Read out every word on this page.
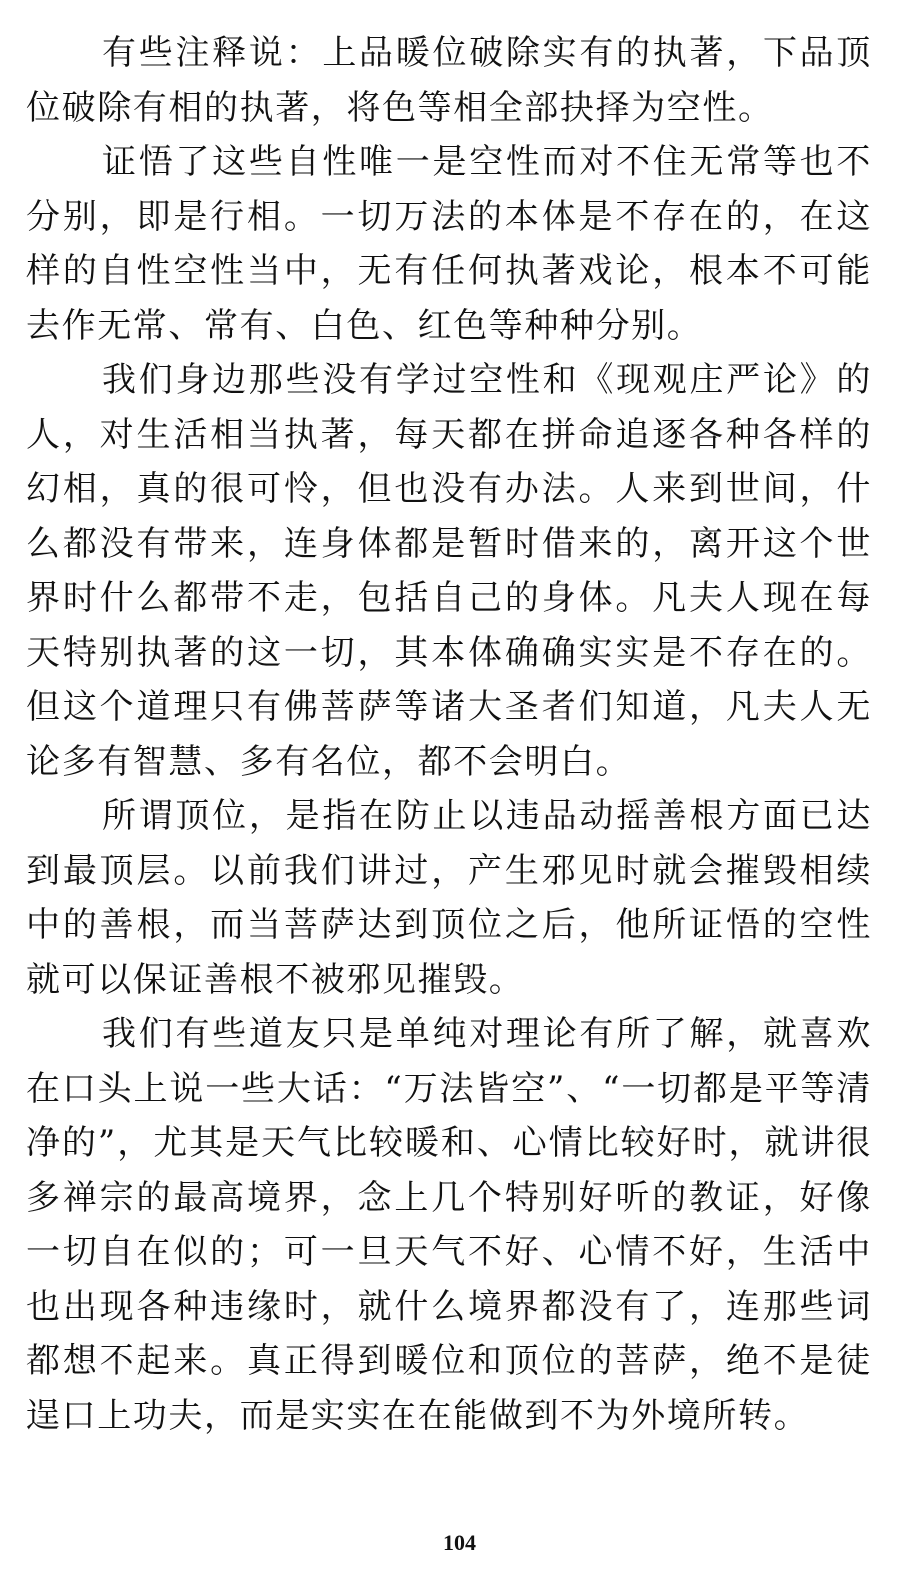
有些注释说：上品暖位破除实有的执著，下品顶位破除有相的执著，将色等相全部抉择为空性。

证悟了这些自性唯一是空性而对不住无常等也不分别，即是行相。一切万法的本体是不存在的，在这样的自性空性当中，无有任何执著戏论，根本不可能去作无常、常有、白色、红色等种种分别。

我们身边那些没有学过空性和《现观庄严论》的人，对生活相当执著，每天都在拼命追逐各种各样的幻相，真的很可怜，但也没有办法。人来到世间，什么都没有带来，连身体都是暂时借来的，离开这个世界时什么都带不走，包括自己的身体。凡夫人现在每天特别执著的这一切，其本体确确实实是不存在的。但这个道理只有佛菩萨等诸大圣者们知道，凡夫人无论多有智慧、多有名位，都不会明白。

所谓顶位，是指在防止以违品动摇善根方面已达到最顶层。以前我们讲过，产生邪见时就会摧毁相续中的善根，而当菩萨达到顶位之后，他所证悟的空性就可以保证善根不被邪见摧毁。

我们有些道友只是单纯对理论有所了解，就喜欢在口头上说一些大话：“万法皆空”、“一切都是平等清净的”，尤其是天气比较暖和、心情比较好时，就讲很多禅宗的最高境界，念上几个特别好听的教证，好像一切自在似的；可一旦天气不好、心情不好，生活中也出现各种违缘时，就什么境界都没有了，连那些词都想不起来。真正得到暖位和顶位的菩萨，绝不是徒逞口上功夫，而是实实在在能做到不为外境所转。

104
